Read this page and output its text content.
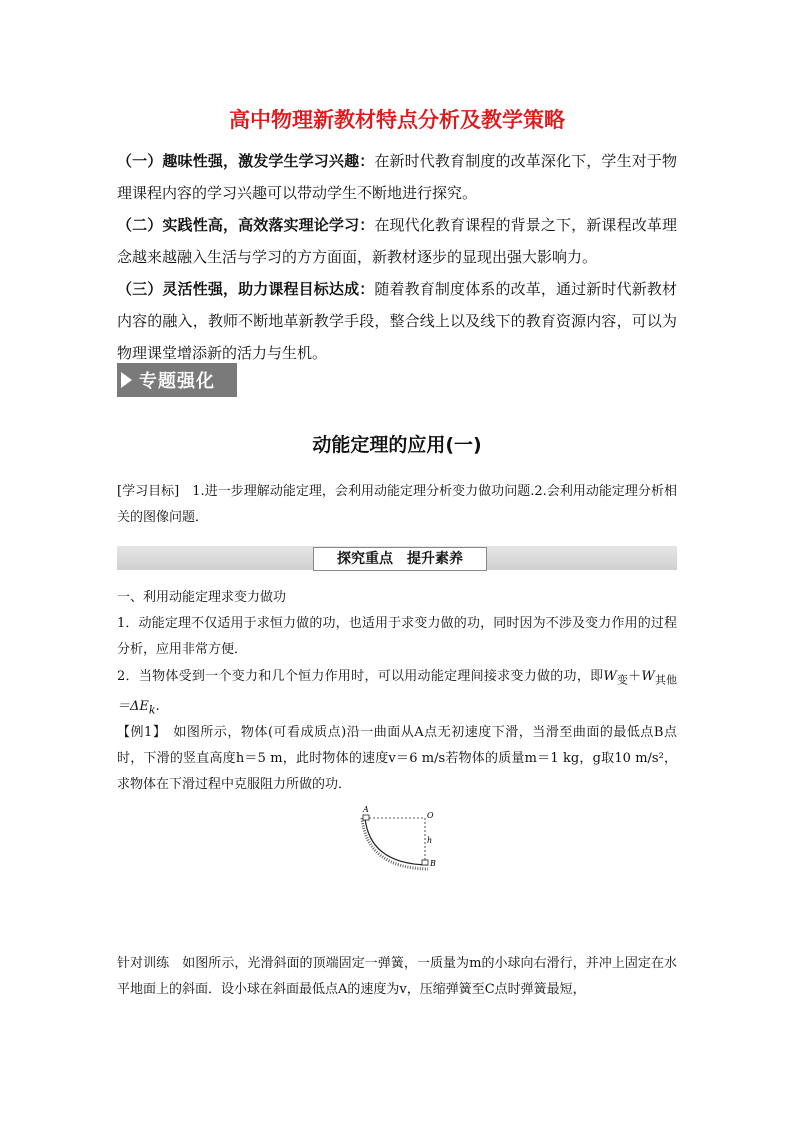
高中物理新教材特点分析及教学策略
（一）趣味性强，激发学生学习兴趣：在新时代教育制度的改革深化下，学生对于物理课程内容的学习兴趣可以带动学生不断地进行探究。
（二）实践性高，高效落实理论学习：在现代化教育课程的背景之下，新课程改革理念越来越融入生活与学习的方方面面，新教材逐步的显现出强大影响力。
（三）灵活性强，助力课程目标达成：随着教育制度体系的改革，通过新时代新教材内容的融入，教师不断地革新教学手段，整合线上以及线下的教育资源内容，可以为物理课堂增添新的活力与生机。
专题强化
动能定理的应用(一)
[学习目标]　1.进一步理解动能定理，会利用动能定理分析变力做功问题.2.会利用动能定理分析相关的图像问题．
探究重点　提升素养
一、利用动能定理求变力做功
1．动能定理不仅适用于求恒力做的功，也适用于求变力做的功，同时因为不涉及变力作用的过程分析，应用非常方便．
2．当物体受到一个变力和几个恒力作用时，可以用动能定理间接求变力做的功，即$W_变+W_{其他}=\Delta E_k$.
【例1】　如图所示，物体(可看成质点)沿一曲面从A点无初速度下滑，当滑至曲面的最低点B点时，下滑的竖直高度h＝5 m，此时物体的速度v＝6 m/s若物体的质量m＝1 kg，g取10 m/s²，求物体在下滑过程中克服阻力所做的功．
A
O
h
B
针对训练　如图所示，光滑斜面的顶端固定一弹簧，一质量为m的小球向右滑行，并冲上固定在水平地面上的斜面．设小球在斜面最低点A的速度为v，压缩弹簧至C点时弹簧最短，
